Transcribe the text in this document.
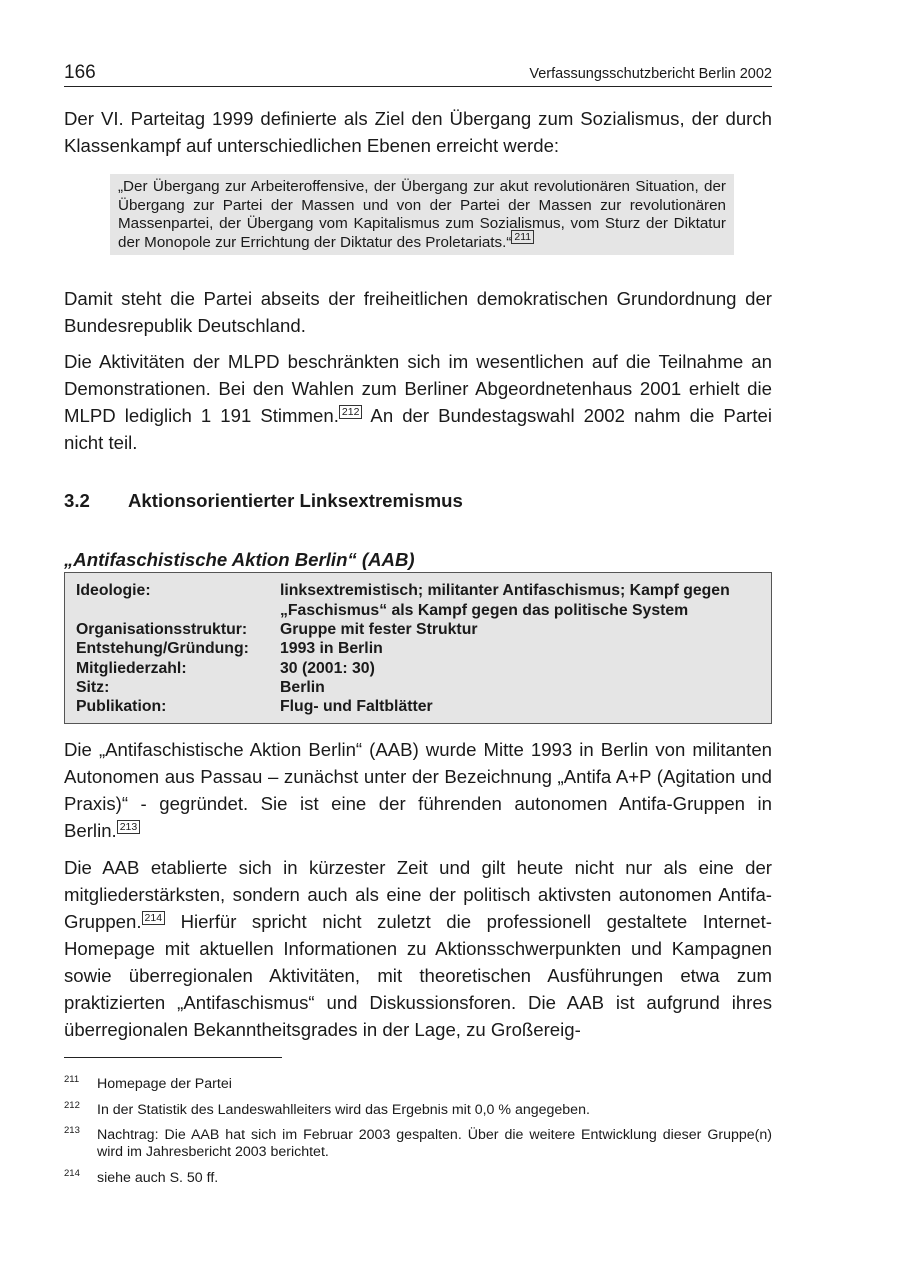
166	Verfassungsschutzbericht Berlin 2002

Der VI. Parteitag 1999 definierte als Ziel den Übergang zum Sozialismus, der durch Klassenkampf auf unterschiedlichen Ebenen erreicht werde:

„Der Übergang zur Arbeiteroffensive, der Übergang zur akut revolutionären Situation, der Übergang zur Partei der Massen und von der Partei der Massen zur revolutionären Massenpartei, der Übergang vom Kapitalismus zum Sozialismus, vom Sturz der Diktatur der Monopole zur Errichtung der Diktatur des Proletariats.“ $^{211}$

Damit steht die Partei abseits der freiheitlichen demokratischen Grundordnung der Bundesrepublik Deutschland.

Die Aktivitäten der MLPD beschränkten sich im wesentlichen auf die Teilnahme an Demonstrationen. Bei den Wahlen zum Berliner Abgeordnetenhaus 2001 erhielt die MLPD lediglich 1 191 Stimmen. $^{212}$ An der Bundestagswahl 2002 nahm die Partei nicht teil.

3.2 Aktionsorientierter Linksextremismus
„Antifaschistische Aktion Berlin“ (AAB)
Ideologie:	linksextremistisch; militanter Antifaschismus; Kampf gegen „Faschismus“ als Kampf gegen das politische System
Organisationsstruktur:	Gruppe mit fester Struktur
Entstehung/Gründung:	1993 in Berlin
Mitgliederzahl:	30 (2001: 30)
Sitz:	Berlin
Publikation:	Flug- und Faltblätter

Die „Antifaschistische Aktion Berlin“ (AAB) wurde Mitte 1993 in Berlin von militanten Autonomen aus Passau – zunächst unter der Bezeichnung „Antifa A+P (Agitation und Praxis)“ - gegründet. Sie ist eine der führenden autonomen Antifa-Gruppen in Berlin. $^{213}$

Die AAB etablierte sich in kürzester Zeit und gilt heute nicht nur als eine der mitgliederstärksten, sondern auch als eine der politisch aktivsten autonomen Antifa-Gruppen. $^{214}$ Hierfür spricht nicht zuletzt die professionell gestaltete Internet-Homepage mit aktuellen Informationen zu Aktionsschwerpunkten und Kampagnen sowie überregionalen Aktivitäten, mit theoretischen Ausführungen etwa zum praktizierten „Antifaschismus“ und Diskussionsforen. Die AAB ist aufgrund ihres überregionalen Bekanntheitsgrades in der Lage, zu Großereig-

211 Homepage der Partei
212 In der Statistik des Landeswahlleiters wird das Ergebnis mit 0,0 % angegeben.
213 Nachtrag: Die AAB hat sich im Februar 2003 gespalten. Über die weitere Entwicklung dieser Gruppe(n) wird im Jahresbericht 2003 berichtet.
214 siehe auch S. 50 ff.
